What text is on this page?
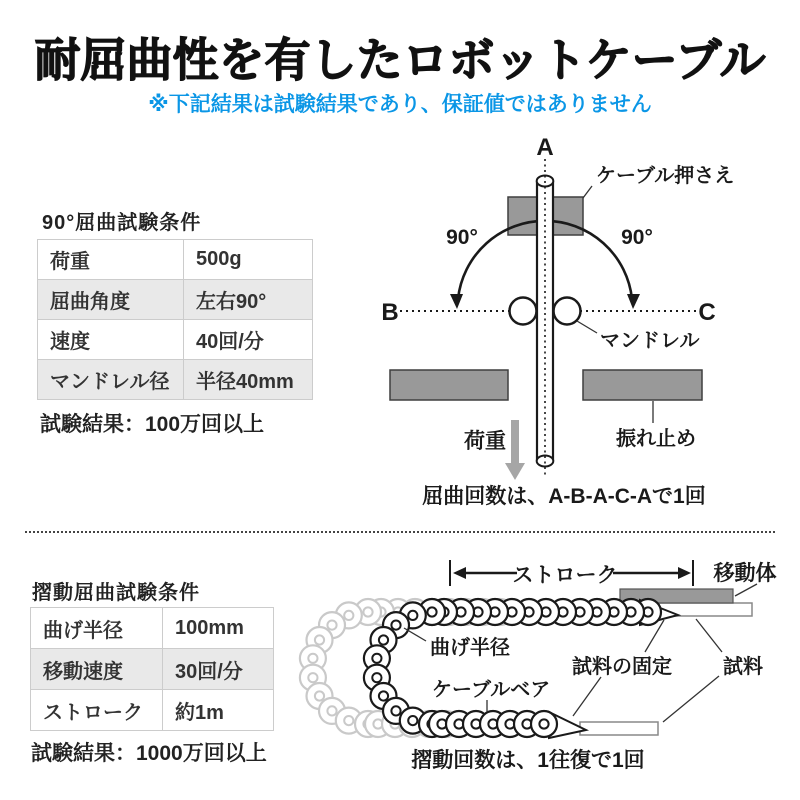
耐屈曲性を有したロボットケーブル
※下記結果は試験結果であり、保証値ではありません
90°屈曲試験条件
荷重	500g
屈曲角度	左右90°
速度	40回/分
マンドレル径	半径40mm
試験結果：100万回以上
A
B	C
90°	90°
ケーブル押さえ
マンドレル
振れ止め
荷重
屈曲回数は、A-B-A-C-Aで1回
摺動屈曲試験条件
曲げ半径	100mm
移動速度	30回/分
ストローク	約1m
試験結果：1000万回以上
ストローク	移動体
曲げ半径
ケーブルベア
試料の固定	試料
摺動回数は、1往復で1回
